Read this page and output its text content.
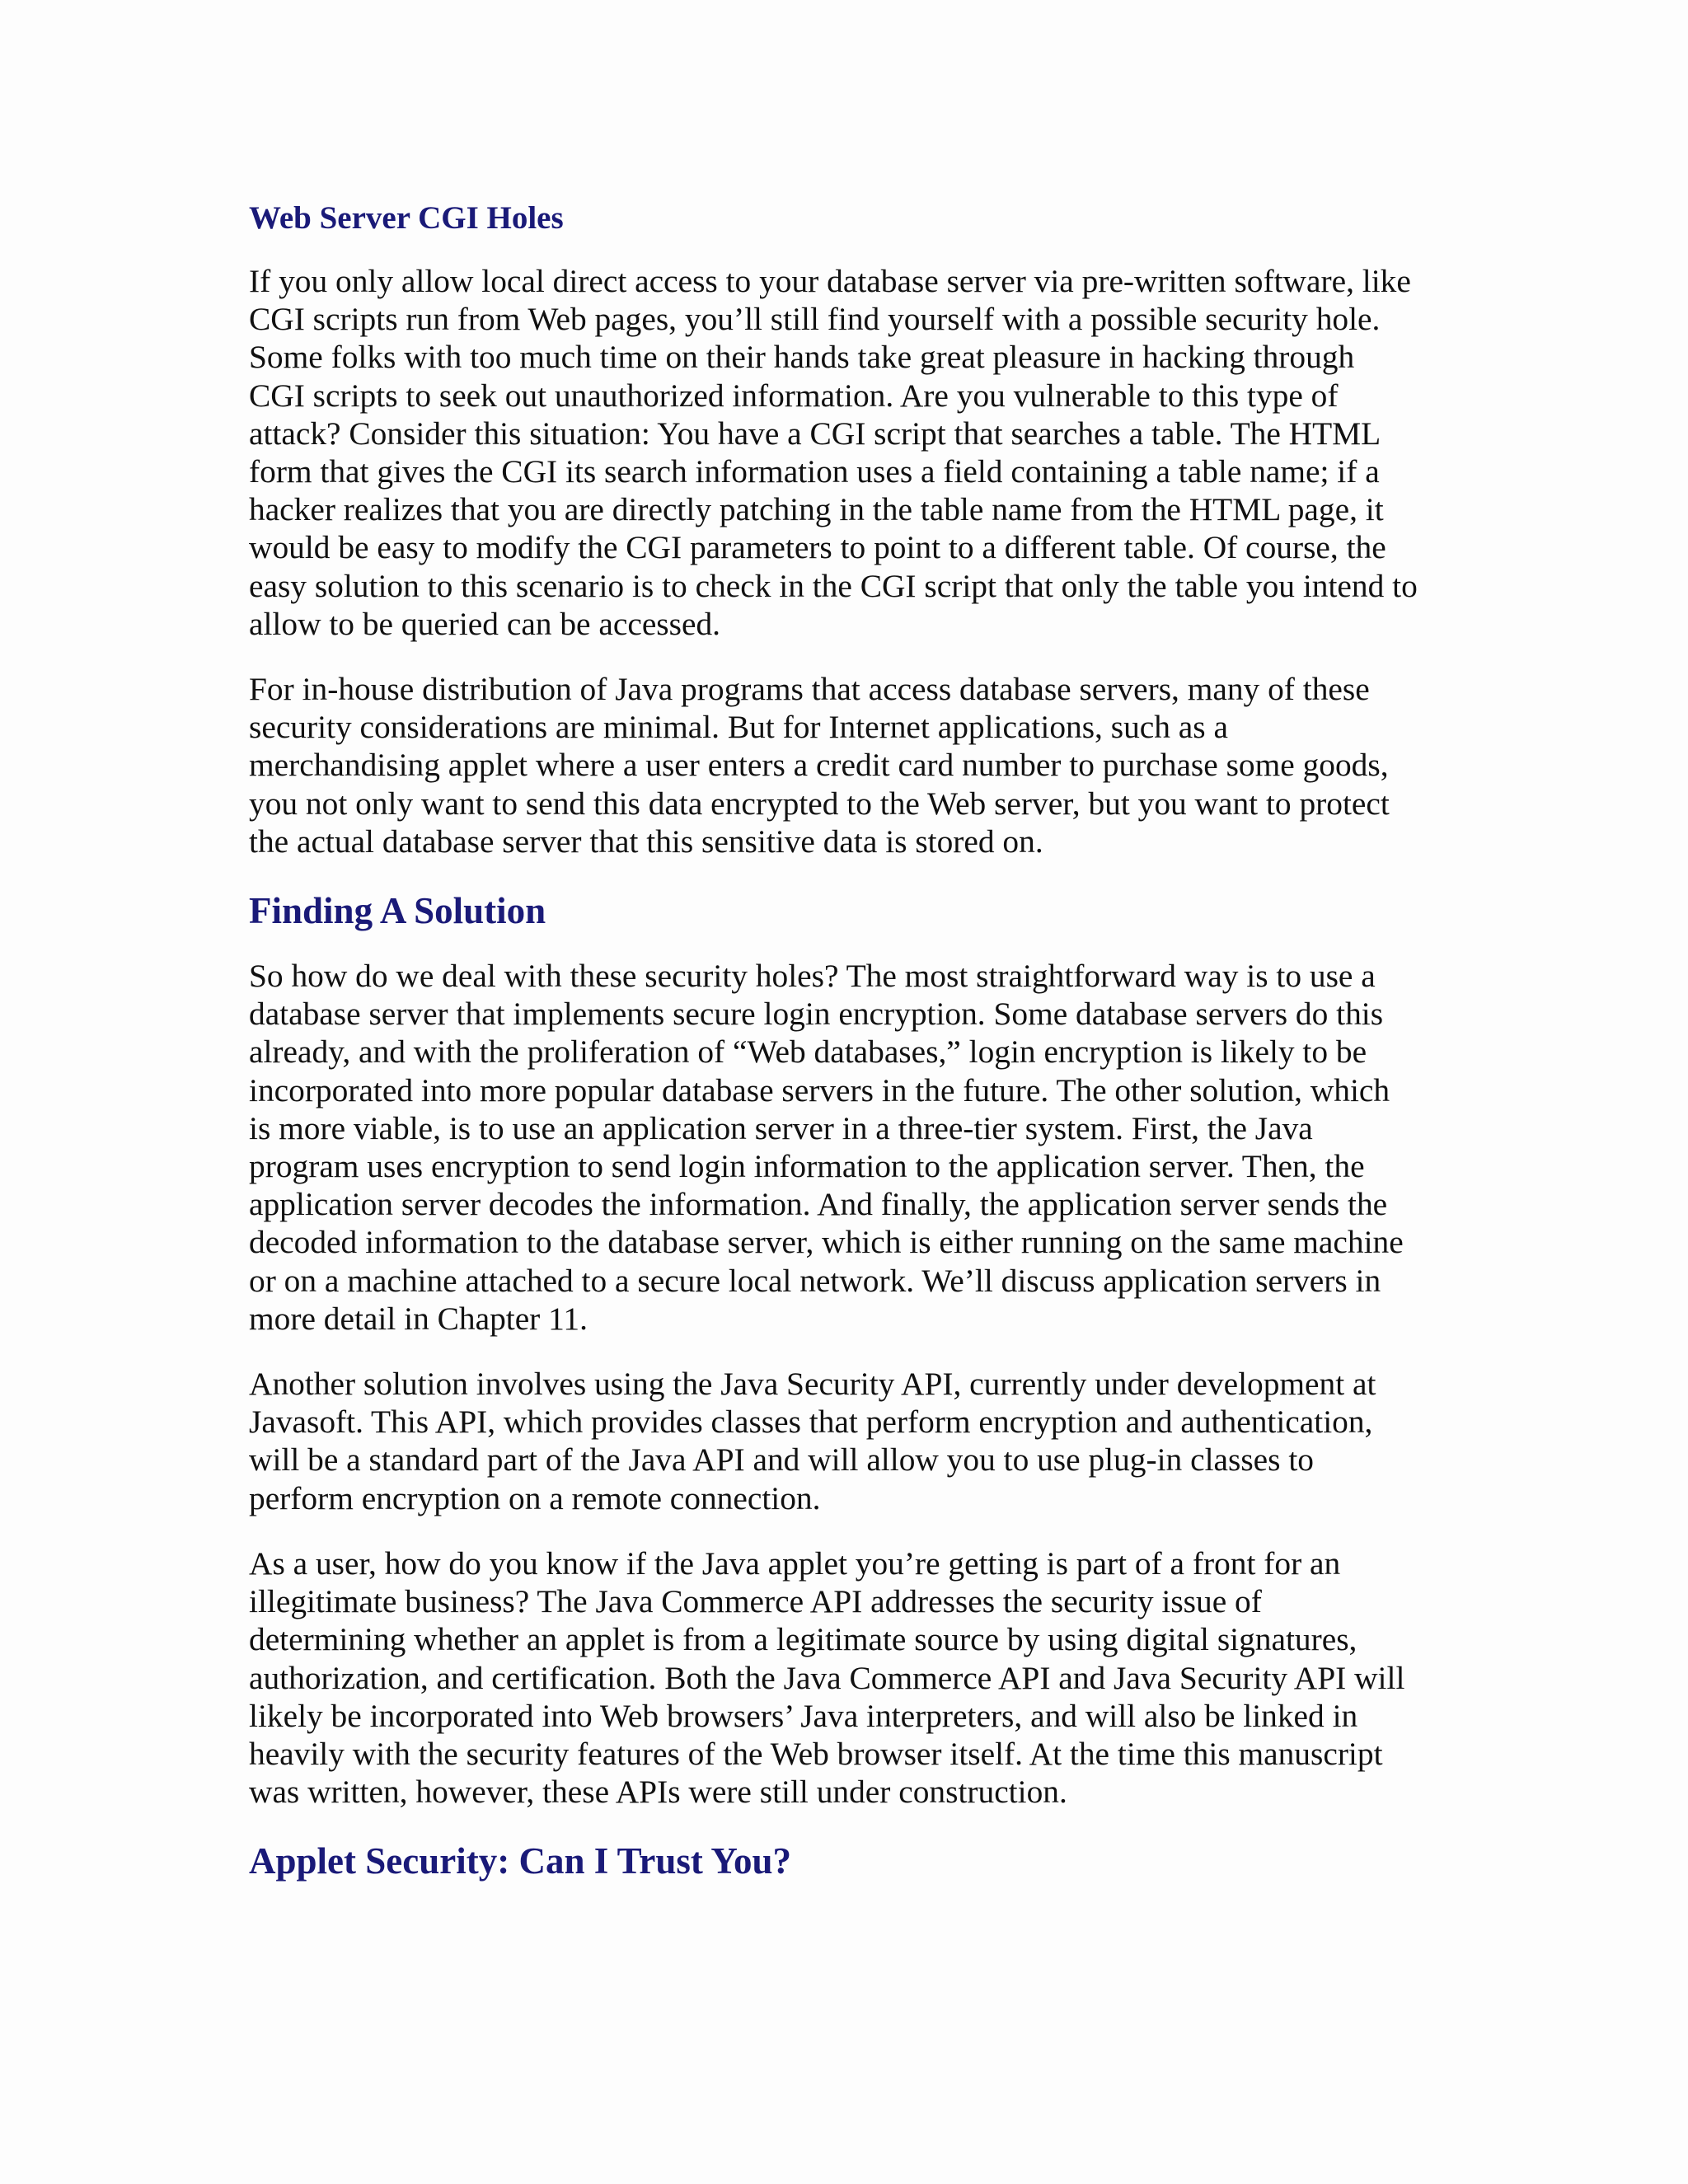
Web Server CGI Holes
If you only allow local direct access to your database server via pre-written software, like
CGI scripts run from Web pages, you’ll still find yourself with a possible security hole.
Some folks with too much time on their hands take great pleasure in hacking through
CGI scripts to seek out unauthorized information. Are you vulnerable to this type of
attack? Consider this situation: You have a CGI script that searches a table. The HTML
form that gives the CGI its search information uses a field containing a table name; if a
hacker realizes that you are directly patching in the table name from the HTML page, it
would be easy to modify the CGI parameters to point to a different table. Of course, the
easy solution to this scenario is to check in the CGI script that only the table you intend to
allow to be queried can be accessed.
For in-house distribution of Java programs that access database servers, many of these
security considerations are minimal. But for Internet applications, such as a
merchandising applet where a user enters a credit card number to purchase some goods,
you not only want to send this data encrypted to the Web server, but you want to protect
the actual database server that this sensitive data is stored on.
Finding A Solution
So how do we deal with these security holes? The most straightforward way is to use a
database server that implements secure login encryption. Some database servers do this
already, and with the proliferation of “Web databases,” login encryption is likely to be
incorporated into more popular database servers in the future. The other solution, which
is more viable, is to use an application server in a three-tier system. First, the Java
program uses encryption to send login information to the application server. Then, the
application server decodes the information. And finally, the application server sends the
decoded information to the database server, which is either running on the same machine
or on a machine attached to a secure local network. We’ll discuss application servers in
more detail in Chapter 11.
Another solution involves using the Java Security API, currently under development at
Javasoft. This API, which provides classes that perform encryption and authentication,
will be a standard part of the Java API and will allow you to use plug-in classes to
perform encryption on a remote connection.
As a user, how do you know if the Java applet you’re getting is part of a front for an
illegitimate business? The Java Commerce API addresses the security issue of
determining whether an applet is from a legitimate source by using digital signatures,
authorization, and certification. Both the Java Commerce API and Java Security API will
likely be incorporated into Web browsers’ Java interpreters, and will also be linked in
heavily with the security features of the Web browser itself. At the time this manuscript
was written, however, these APIs were still under construction.
Applet Security: Can I Trust You?
